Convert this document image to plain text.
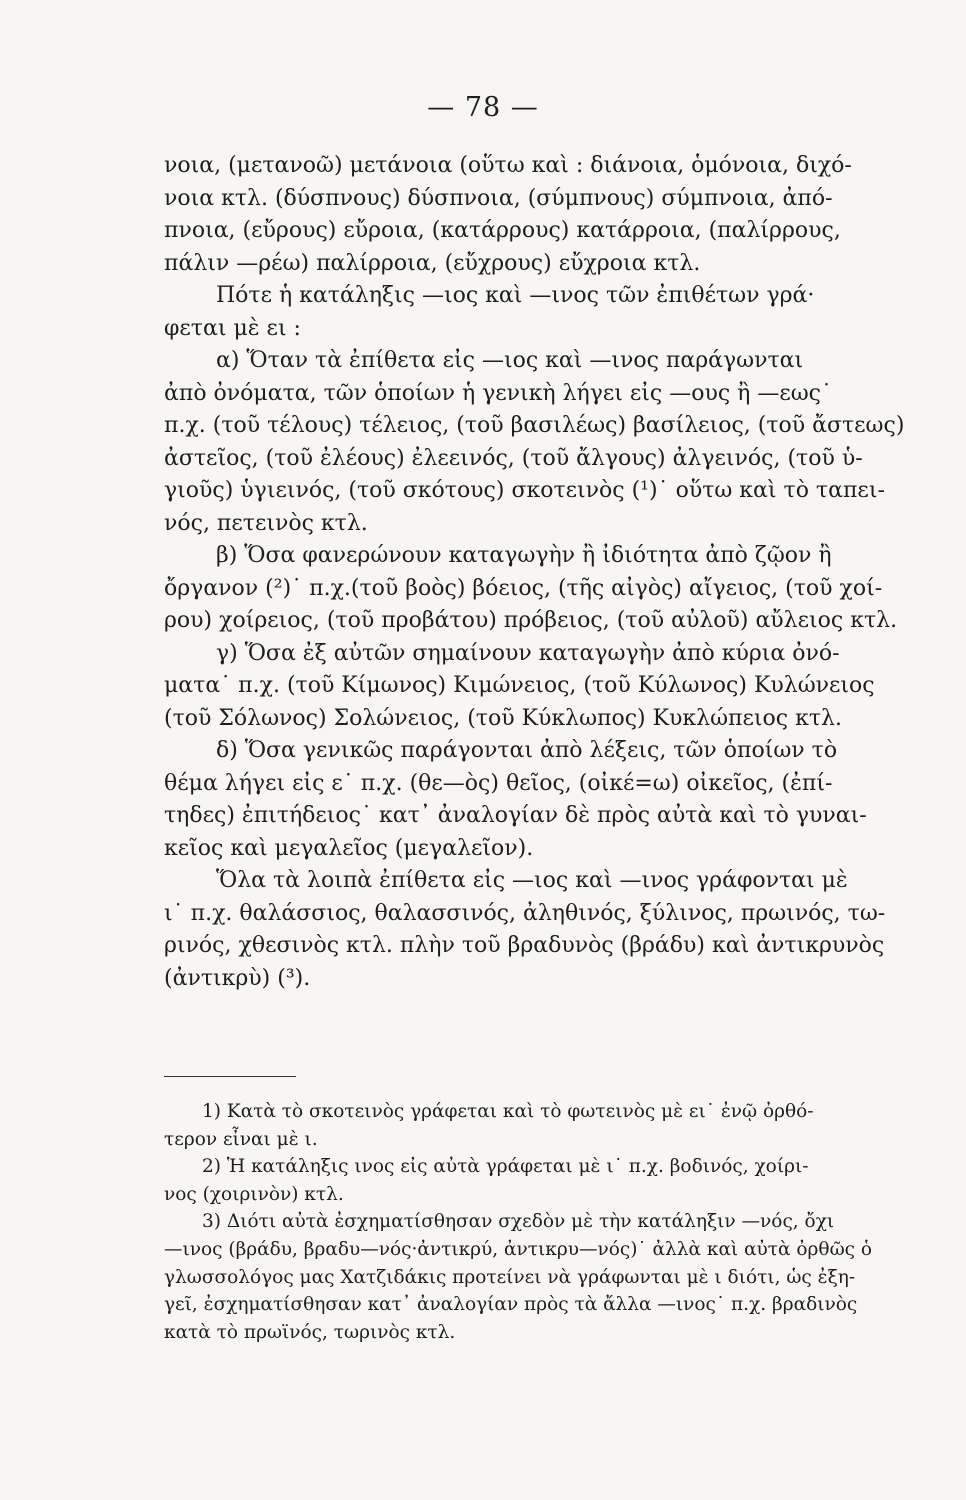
— 78 —
νοια, (μετανοῶ) μετάνοια (οὕτω καὶ : διάνοια, ὁμόνοια, διχό-
νοια κτλ. (δύσπνους) δύσπνοια, (σύμπνους) σύμπνοια, ἀπό-
πνοια, (εὔρους) εὔροια, (κατάρρους) κατάρροια, (παλίρρους,
πάλιν —ρέω) παλίρροια, (εὔχρους) εὔχροια κτλ.
Πότε ἡ κατάληξις —ιος καὶ —ινος τῶν ἐπιθέτων γρά·
φεται μὲ ει :
α) Ὅταν τὰ ἐπίθετα εἰς —ιος καὶ —ινος παράγωνται
ἀπὸ ὀνόματα, τῶν ὁποίων ἡ γενικὴ λήγει εἰς —ους ἢ —εως˙
π.χ. (τοῦ τέλους) τέλειος, (τοῦ βασιλέως) βασίλειος, (τοῦ ἄστεως)
ἀστεῖος, (τοῦ ἐλέους) ἐλεεινός, (τοῦ ἄλγους) ἀλγεινός, (τοῦ ὑ-
γιοῦς) ὑγιεινός, (τοῦ σκότους) σκοτεινὸς (¹)˙ οὕτω καὶ τὸ ταπει-
νός, πετεινὸς κτλ.
β) Ὅσα φανερώνουν καταγωγὴν ἢ ἰδιότητα ἀπὸ ζῷον ἢ
ὄργανον (²)˙ π.χ.(τοῦ βοὸς) βόειος, (τῆς αἰγὸς) αἴγειος, (τοῦ χοί-
ρου) χοίρειος, (τοῦ προβάτου) πρόβειος, (τοῦ αὐλοῦ) αὔλειος κτλ.
γ) Ὅσα ἐξ αὐτῶν σημαίνουν καταγωγὴν ἀπὸ κύρια ὀνό-
ματα˙ π.χ. (τοῦ Κίμωνος) Κιμώνειος, (τοῦ Κύλωνος) Κυλώνειος
(τοῦ Σόλωνος) Σολώνειος, (τοῦ Κύκλωπος) Κυκλώπειος κτλ.
δ) Ὅσα γενικῶς παράγονται ἀπὸ λέξεις, τῶν ὁποίων τὸ
θέμα λήγει εἰς ε˙ π.χ. (θε—ὸς) θεῖος, (οἰκέ=ω) οἰκεῖος, (ἐπί-
τηδες) ἐπιτήδειος˙ κατ᾽ ἀναλογίαν δὲ πρὸς αὐτὰ καὶ τὸ γυναι-
κεῖος καὶ μεγαλεῖος (μεγαλεῖον).
Ὅλα τὰ λοιπὰ ἐπίθετα εἰς —ιος καὶ —ινος γράφονται μὲ
ι˙ π.χ. θαλάσσιος, θαλασσινός, ἀληθινός, ξύλινος, πρωινός, τω-
ρινός, χθεσινὸς κτλ. πλὴν τοῦ βραδυνὸς (βράδυ) καὶ ἀντικρυνὸς
(ἀντικρὺ) (³).
1) Κατὰ τὸ σκοτεινὸς γράφεται καὶ τὸ φωτεινὸς μὲ ει˙ ἐνῷ ὀρθό-
τερον εἶναι μὲ ι.
2) Ἡ κατάληξις ινος εἰς αὐτὰ γράφεται μὲ ι˙ π.χ. βοδινός, χοίρι-
νος (χοιρινὸν) κτλ.
3) Διότι αὐτὰ ἐσχηματίσθησαν σχεδὸν μὲ τὴν κατάληξιν —νός, ὄχι
—ινος (βράδυ, βραδυ—νός·ἀντικρύ, ἀντικρυ—νός)˙ ἀλλὰ καὶ αὐτὰ ὀρθῶς ὁ
γλωσσολόγος μας Χατζιδάκις προτείνει νὰ γράφωνται μὲ ι διότι, ὡς ἐξη-
γεῖ, ἐσχηματίσθησαν κατ᾽ ἀναλογίαν πρὸς τὰ ἄλλα —ινος˙ π.χ. βραδινὸς
κατὰ τὸ πρωϊνός, τωρινὸς κτλ.
